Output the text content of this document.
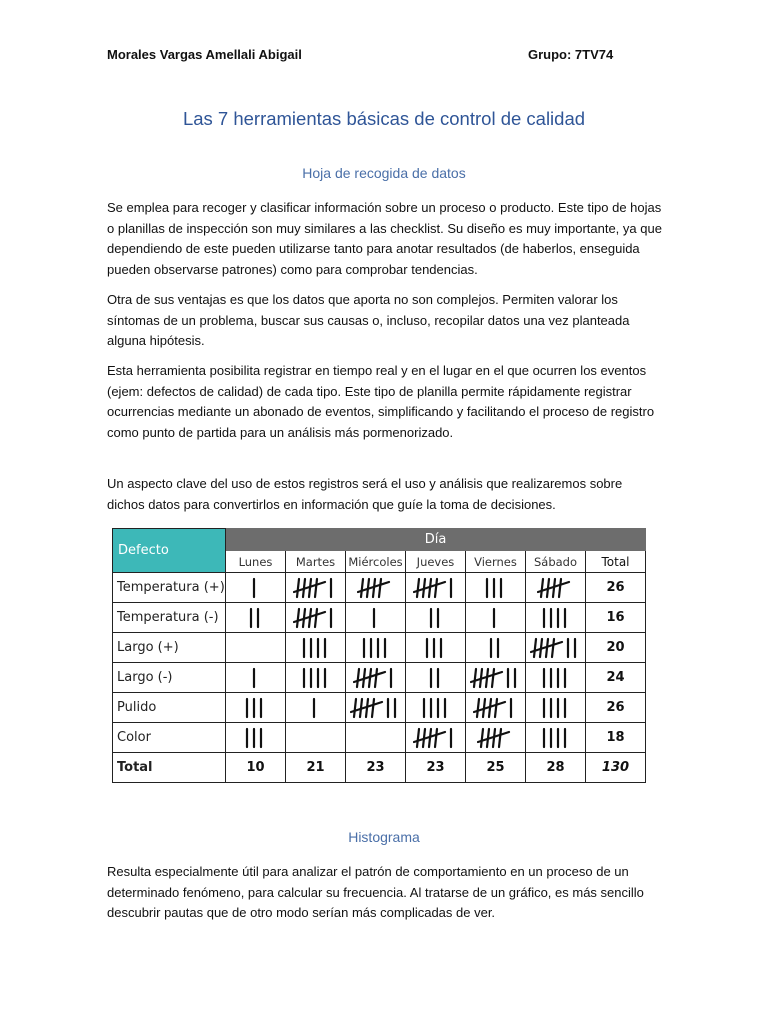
Morales Vargas Amellali Abigail	Grupo: 7TV74
Las 7 herramientas básicas de control de calidad
Hoja de recogida de datos
Se emplea para recoger y clasificar información sobre un proceso o producto. Este tipo de hojas o planillas de inspección son muy similares a las checklist. Su diseño es muy importante, ya que dependiendo de este pueden utilizarse tanto para anotar resultados (de haberlos, enseguida pueden observarse patrones) como para comprobar tendencias.
Otra de sus ventajas es que los datos que aporta no son complejos. Permiten valorar los síntomas de un problema, buscar sus causas o, incluso, recopilar datos una vez planteada alguna hipótesis.
Esta herramienta posibilita registrar en tiempo real y en el lugar en el que ocurren los eventos (ejem: defectos de calidad) de cada tipo. Este tipo de planilla permite rápidamente registrar ocurrencias mediante un abonado de eventos, simplificando y facilitando el proceso de registro como punto de partida para un análisis más pormenorizado.
Un aspecto clave del uso de estos registros será el uso y análisis que realizaremos sobre dichos datos para convertirlos en información que guíe la toma de decisiones.
Defecto	Día						
	Lunes	Martes	Miércoles	Jueves	Viernes	Sábado	Total
Temperatura (+)							26
Temperatura (-)							16
Largo (+)							20
Largo (-)							24
Pulido							26
Color							18
Total	10	21	23	23	25	28	130
Histograma
Resulta especialmente útil para analizar el patrón de comportamiento en un proceso de un determinado fenómeno, para calcular su frecuencia. Al tratarse de un gráfico, es más sencillo descubrir pautas que de otro modo serían más complicadas de ver.
